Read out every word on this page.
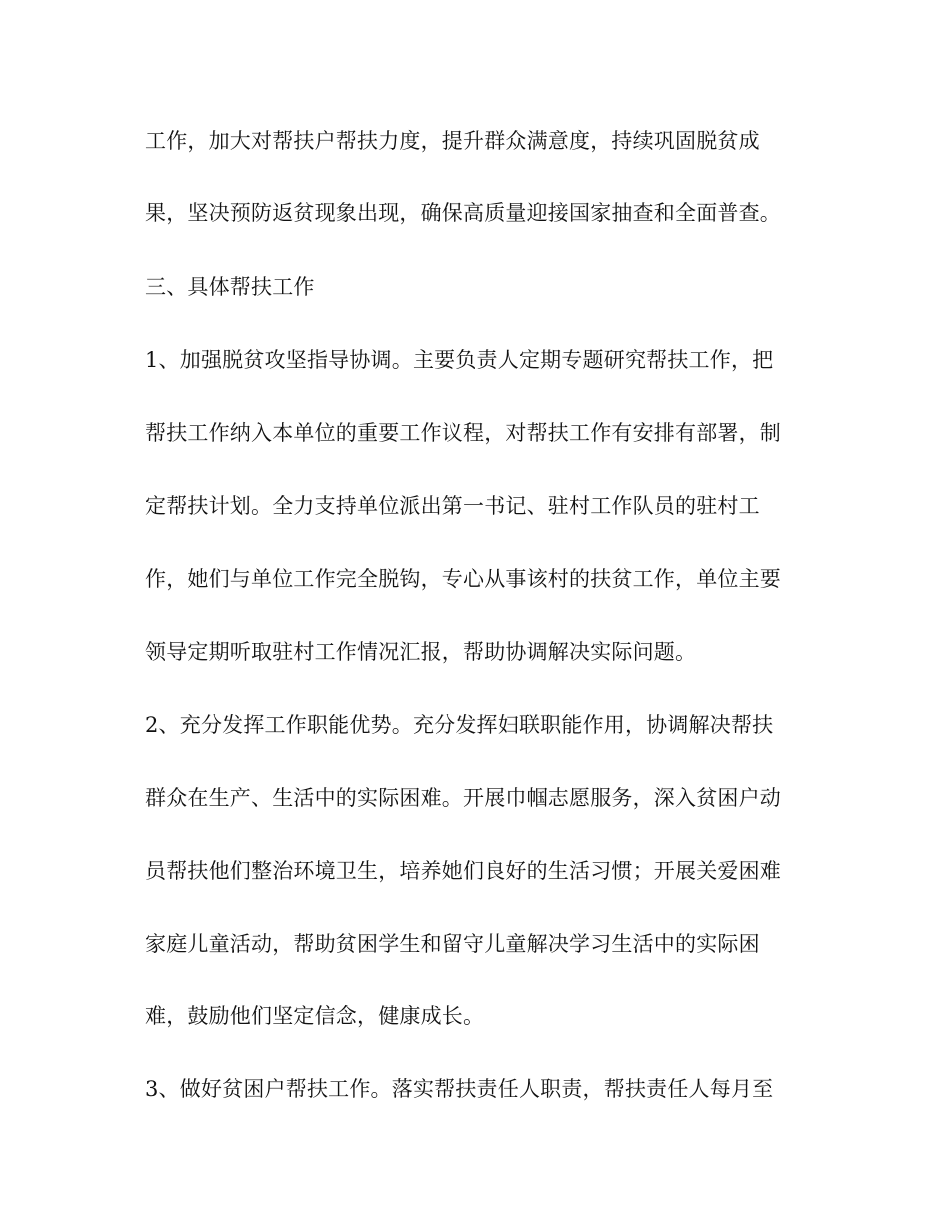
工作，加大对帮扶户帮扶力度，提升群众满意度，持续巩固脱贫成
果，坚决预防返贫现象出现，确保高质量迎接国家抽查和全面普查。
三、具体帮扶工作
1、加强脱贫攻坚指导协调。主要负责人定期专题研究帮扶工作，把
帮扶工作纳入本单位的重要工作议程，对帮扶工作有安排有部署，制
定帮扶计划。全力支持单位派出第一书记、驻村工作队员的驻村工
作，她们与单位工作完全脱钩，专心从事该村的扶贫工作，单位主要
领导定期听取驻村工作情况汇报，帮助协调解决实际问题。
2、充分发挥工作职能优势。充分发挥妇联职能作用，协调解决帮扶
群众在生产、生活中的实际困难。开展巾帼志愿服务，深入贫困户动
员帮扶他们整治环境卫生，培养她们良好的生活习惯；开展关爱困难
家庭儿童活动，帮助贫困学生和留守儿童解决学习生活中的实际困
难，鼓励他们坚定信念，健康成长。
3、做好贫困户帮扶工作。落实帮扶责任人职责，帮扶责任人每月至
